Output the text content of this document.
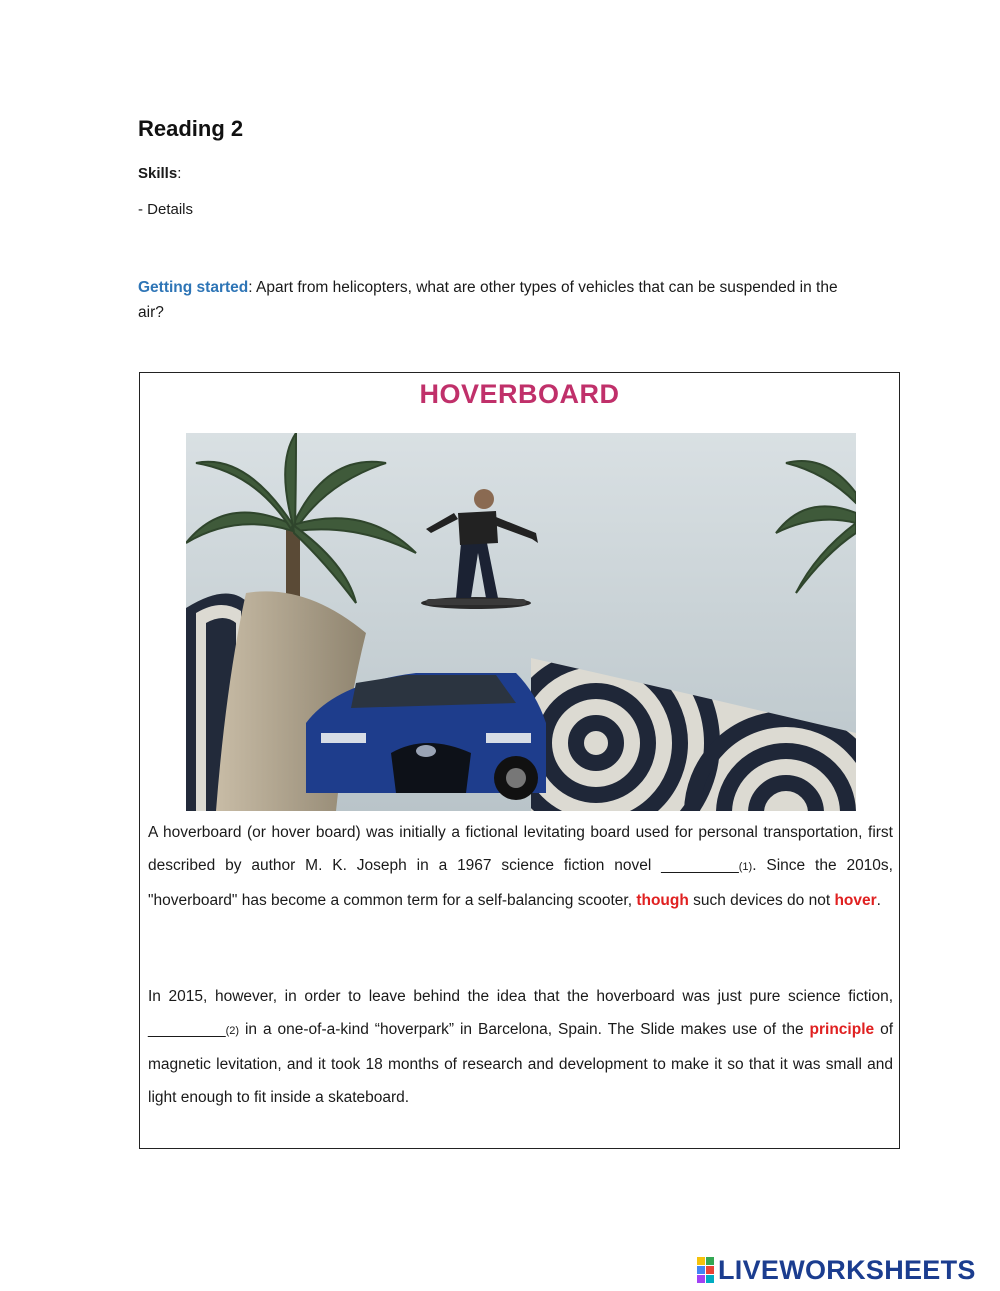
Reading 2
Skills:
- Details
Getting started: Apart from helicopters, what are other types of vehicles that can be suspended in the air?
HOVERBOARD
A hoverboard (or hover board) was initially a fictional levitating board used for personal transportation, first described by author M. K. Joseph in a 1967 science fiction novel _________(1). Since the 2010s, "hoverboard" has become a common term for a self-balancing scooter, though such devices do not hover.
In 2015, however, in order to leave behind the idea that the hoverboard was just pure science fiction, _________(2) in a one-of-a-kind “hoverpark” in Barcelona, Spain. The Slide makes use of the principle of magnetic levitation, and it took 18 months of research and development to make it so that it was small and light enough to fit inside a skateboard.
LIVEWORKSHEETS
